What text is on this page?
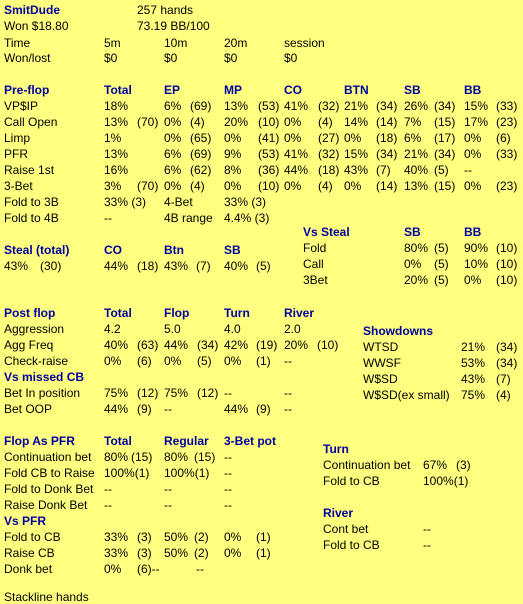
SmitDude	257 hands
Won $18.80	73.19 BB/100
Time	5m	10m	20m	session
Won/lost	$0	$0	$0	$0
Pre-flop	Total	EP	MP	CO	BTN	SB	BB
VP$IP	18%	6% (69) 13% (53) 41% (32) 21% (34) 26% (34) 15% (33)
Call Open	13% (70) 0% (4) 20% (10) 0% (4) 14% (14) 7% (15) 17% (23)
Limp	1%	0% (65) 0% (41) 0% (27) 0% (18) 6% (17) 0% (6)
PFR	13%	6% (69) 9% (53) 41% (32) 15% (34) 21% (34) 0% (33)
Raise 1st	16%	6% (62) 8% (36) 44% (18) 43% (7) 40% (5) --
3-Bet	3% (70) 0% (4) 0% (10) 0% (4) 0% (14) 13% (15) 0% (23)
Fold to 3B	33% (3) 4-Bet	33% (3)
Fold to 4B	--	4B range 4.4% (3)
Vs Steal	SB	BB
Fold	80% (5) 90% (10)
Call	0% (5) 10% (10)
3Bet	20% (5) 0% (10)
Steal (total)	CO	Btn	SB
43% (30)	44% (18) 43% (7) 40% (5)
Post flop	Total	Flop	Turn	River
Aggression	4.2	5.0	4.0	2.0
Agg Freq	40% (63) 44% (34) 42% (19) 20% (10)
Check-raise	0% (6) 0% (5) 0% (1) --
Vs missed CB
Bet In position 75% (12) 75% (12) --	--
Bet OOP	44% (9) --	44% (9) --
Showdowns
WTSD	21% (34)
WWSF	53% (34)
W$SD	43% (7)
W$SD(ex small) 75% (4)
Flop As PFR Total	Regular 3-Bet pot
Continuation bet 80% (15) 80% (15) --
Fold CB to Raise 100%(1) 100%(1) --
Fold to Donk Bet --	--	--
Raise Donk Bet --	--	--
Vs PFR
Fold to CB	33% (3) 50% (2) 0% (1)
Raise CB	33% (3) 50% (2) 0% (1)
Donk bet	0% (6)--	--
Turn
Continuation bet 67% (3)
Fold to CB	100%(1)
River
Cont bet	--
Fold to CB	--
Stackline hands
